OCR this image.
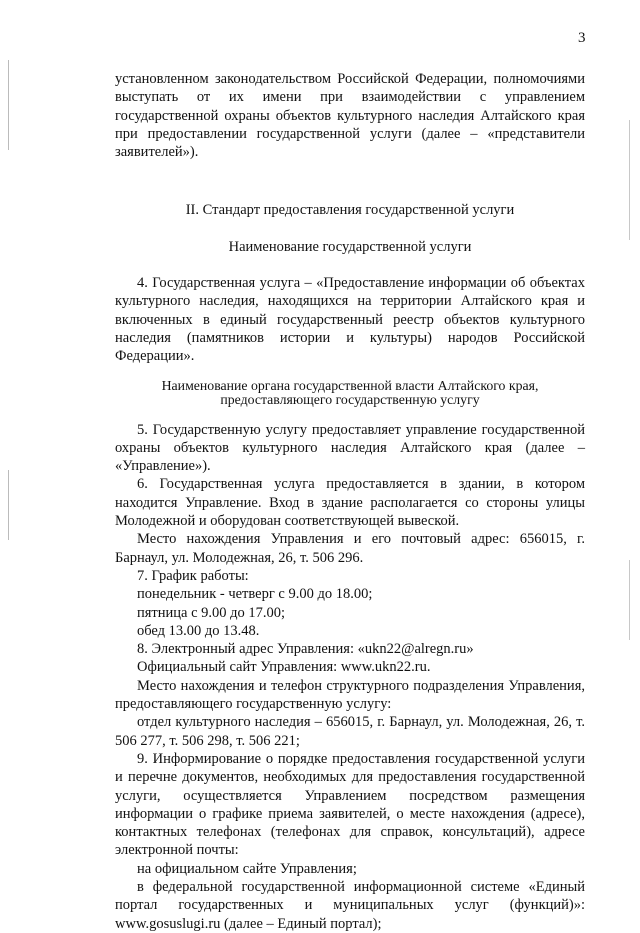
3

установленном законодательством Российской Федерации, полномочиями выступать от их имени при взаимодействии с управлением государственной охраны объектов культурного наследия Алтайского края при предоставлении государственной услуги (далее – «представители заявителей»).

II. Стандарт предоставления государственной услуги

Наименование государственной услуги

4. Государственная услуга – «Предоставление информации об объектах культурного наследия, находящихся на территории Алтайского края и включенных в единый государственный реестр объектов культурного наследия (памятников истории и культуры) народов Российской Федерации».

Наименование органа государственной власти Алтайского края,

предоставляющего государственную услугу

5. Государственную услугу предоставляет управление государственной охраны объектов культурного наследия Алтайского края (далее – «Управление»).

6. Государственная услуга предоставляется в здании, в котором находится Управление. Вход в здание располагается со стороны улицы Молодежной и оборудован соответствующей вывеской.

Место нахождения Управления и его почтовый адрес: 656015, г. Барнаул, ул. Молодежная, 26, т. 506 296.

7. График работы:

понедельник - четверг с 9.00 до 18.00;

пятница с 9.00 до 17.00;

обед 13.00 до 13.48.

8. Электронный адрес Управления: «ukn22@alregn.ru»

Официальный сайт Управления: www.ukn22.ru.

Место нахождения и телефон структурного подразделения Управления, предоставляющего государственную услугу:

отдел культурного наследия – 656015, г. Барнаул, ул. Молодежная, 26, т. 506 277, т. 506 298, т. 506 221;

9. Информирование о порядке предоставления государственной услуги и перечне документов, необходимых для предоставления государственной услуги, осуществляется Управлением посредством размещения информации о графике приема заявителей, о месте нахождения (адресе), контактных телефонах (телефонах для справок, консультаций), адресе электронной почты:

на официальном сайте Управления;

в федеральной государственной информационной системе «Единый портал государственных и муниципальных услуг (функций)»: www.gosuslugi.ru (далее – Единый портал);
